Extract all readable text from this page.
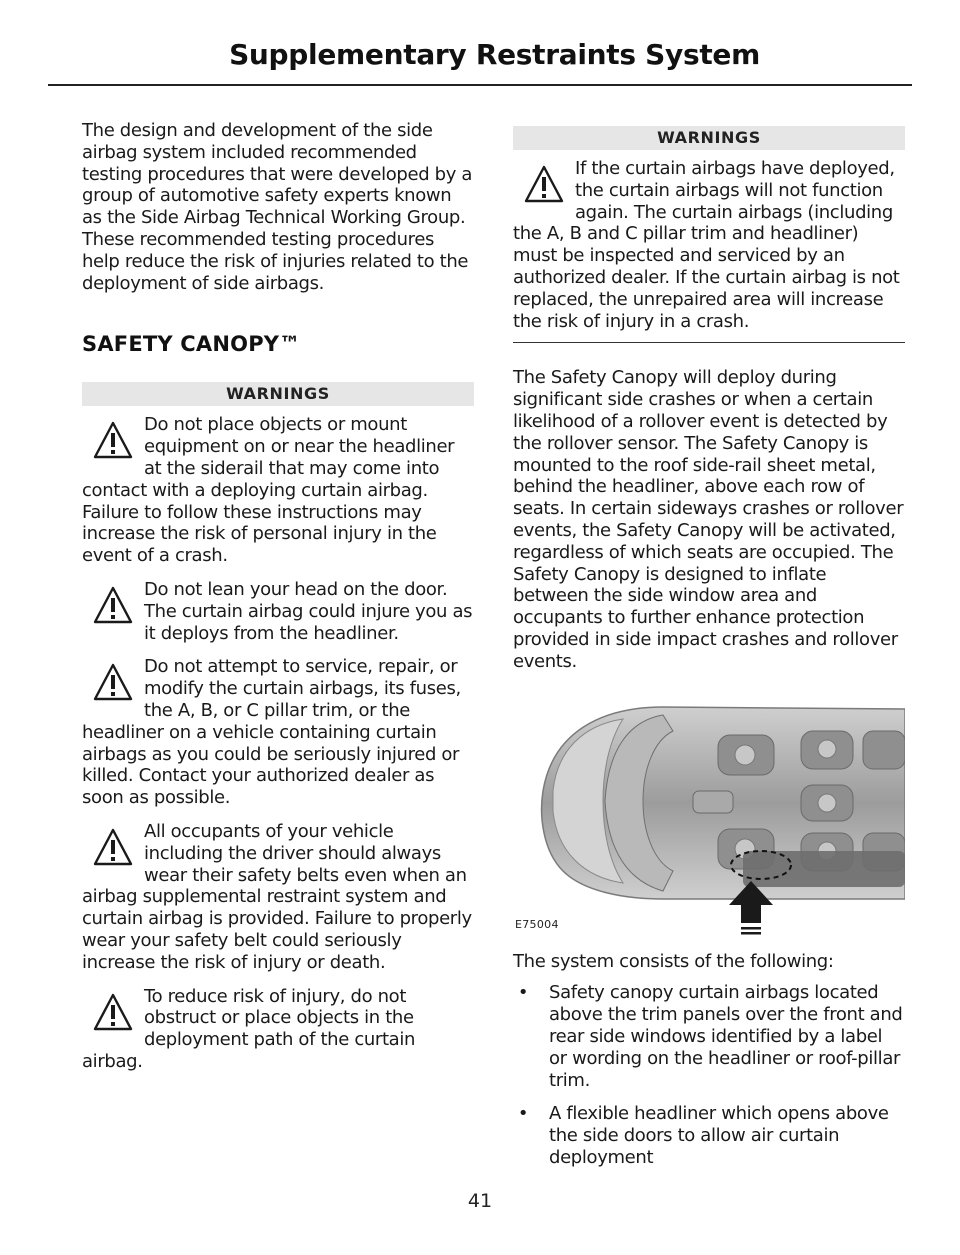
Supplementary Restraints System

The design and development of the side airbag system included recommended testing procedures that were developed by a group of automotive safety experts known as the Side Airbag Technical Working Group. These recommended testing procedures help reduce the risk of injuries related to the deployment of side airbags.

SAFETY CANOPY™
WARNINGS
Do not place objects or mount equipment on or near the headliner at the siderail that may come into contact with a deploying curtain airbag. Failure to follow these instructions may increase the risk of personal injury in the event of a crash.
Do not lean your head on the door. The curtain airbag could injure you as it deploys from the headliner.
Do not attempt to service, repair, or modify the curtain airbags, its fuses, the A, B, or C pillar trim, or the headliner on a vehicle containing curtain airbags as you could be seriously injured or killed. Contact your authorized dealer as soon as possible.
All occupants of your vehicle including the driver should always wear their safety belts even when an airbag supplemental restraint system and curtain airbag is provided. Failure to properly wear your safety belt could seriously increase the risk of injury or death.
To reduce risk of injury, do not obstruct or place objects in the deployment path of the curtain airbag.
WARNINGS
If the curtain airbags have deployed, the curtain airbags will not function again. The curtain airbags (including the A, B and C pillar trim and headliner) must be inspected and serviced by an authorized dealer. If the curtain airbag is not replaced, the unrepaired area will increase the risk of injury in a crash.

The Safety Canopy will deploy during significant side crashes or when a certain likelihood of a rollover event is detected by the rollover sensor. The Safety Canopy is mounted to the roof side-rail sheet metal, behind the headliner, above each row of seats. In certain sideways crashes or rollover events, the Safety Canopy will be activated, regardless of which seats are occupied. The Safety Canopy is designed to inflate between the side window area and occupants to further enhance protection provided in side impact crashes and rollover events.

E75004

The system consists of the following:

• Safety canopy curtain airbags located above the trim panels over the front and rear side windows identified by a label or wording on the headliner or roof-pillar trim.
• A flexible headliner which opens above the side doors to allow air curtain deployment
41
